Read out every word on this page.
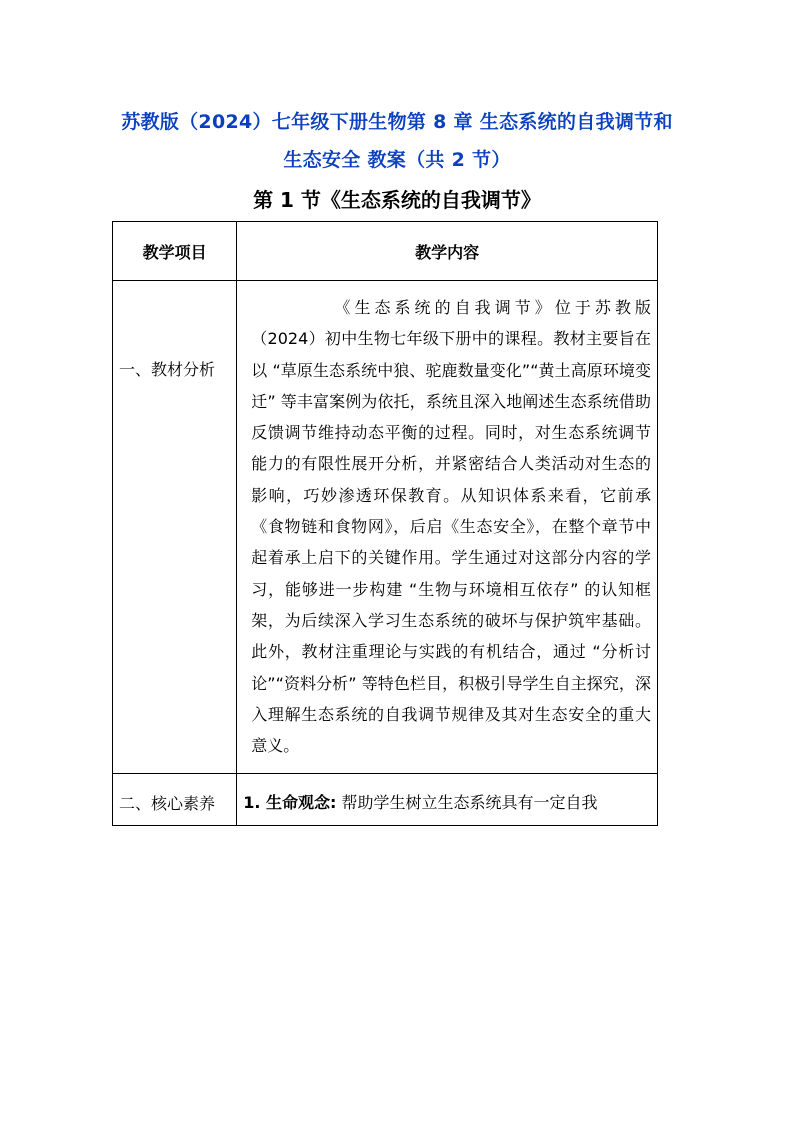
苏教版（2024）七年级下册生物第 8 章 生态系统的自我调节和生态安全 教案（共 2 节）
第 1 节《生态系统的自我调节》
教学项目	教学内容
一、教材分析	《生态系统的自我调节》位于苏教版（2024）初中生物七年级下册中的课程。教材主要旨在以 “草原生态系统中狼、驼鹿数量变化”“黄土高原环境变迁” 等丰富案例为依托，系统且深入地阐述生态系统借助反馈调节维持动态平衡的过程。同时，对生态系统调节能力的有限性展开分析，并紧密结合人类活动对生态的影响，巧妙渗透环保教育。从知识体系来看，它前承《食物链和食物网》，后启《生态安全》，在整个章节中起着承上启下的关键作用。学生通过对这部分内容的学习，能够进一步构建 “生物与环境相互依存” 的认知框架，为后续深入学习生态系统的破坏与保护筑牢基础。此外，教材注重理论与实践的有机结合，通过 “分析讨论”“资料分析” 等特色栏目，积极引导学生自主探究，深入理解生态系统的自我调节规律及其对生态安全的重大意义。

二、核心素养	1. 生命观念: 帮助学生树立生态系统具有一定自我
